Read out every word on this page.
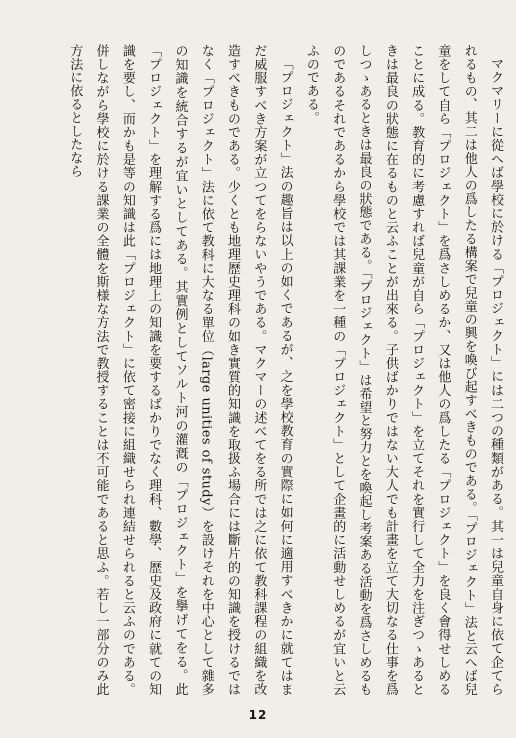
マクマリーに從へば學校に於ける「プロジェクト」には二つの種類がある。其一は兒童自身に依て企てられるもの、其二は他人の爲したる構案で兒童の興を喚び起すべきものである。「プロジェクト」法と云へば兒童をして自ら「プロジェクト」を爲さしめるか、又は他人の爲したる「プロジェクト」を良く會得せしめることに成る。教育的に考慮すれば兒童が自ら「プロジェクト」を立てそれを實行して全力を注ぎつゝあるときは最良の狀態に在るものと云ふことが出來る。子供ばかりではない大人でも計畫を立て大切なる仕事を爲しつゝあるときは最良の狀態である。「プロジェクト」は希望と努力とを喚起し考案ある活動を爲さしめるものであるそれであるから學校では其課業を一種の「プロジェクト」として企畫的に活動せしめるが宜いと云ふのである。

「プロジェクト」法の趣旨は以上の如くであるが、之を學校教育の實際に如何に適用すべきかに就てはまだ威服すべき方案が立つてをらないやうである。マクマーの述べてをる所では之に依て教科課程の組織を改造すべきものである。少くとも地理歷史理科の如き實質的知識を取扱ふ場合には斷片的の知識を授けるではなく「プロジェクト」法に依て教科に大なる單位（large unities of study）を設けそれを中心として雜多の知識を統合するが宜いとしてある。其實例としてソルト河の灌漑の「プロジェクト」を擧げてをる。此「プロジェクト」を理解する爲には地理上の知識を要するばかりでなく理科、數學、歷史及政府に就ての知識を要し、而かも是等の知識は此「プロジェクト」に依て密接に組織せられ連結せられると云ふのである。併しながら學校に於ける課業の全體を斯様な方法で教授することは不可能であると思ふ。若し一部分のみ此方法に依るとしたなら

12
